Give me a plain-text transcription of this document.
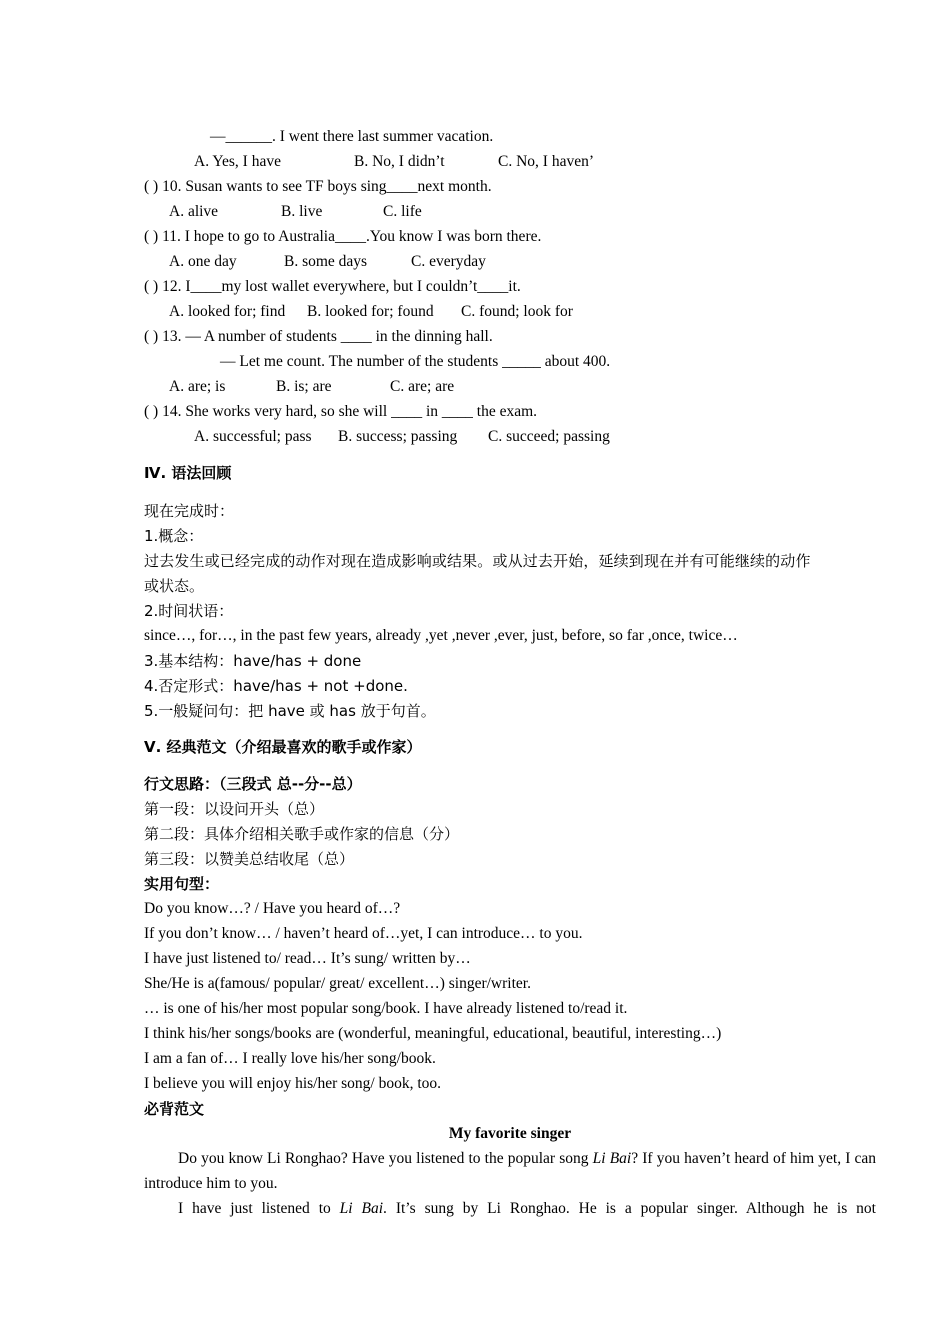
—______. I went there last summer vacation.
A. Yes, I have	B. No, I didn’t	C. No, I haven’
( ) 10. Susan wants to see TF boys sing____next month.
A. alive	B. live	C. life
( ) 11. I hope to go to Australia____.You know I was born there.
A. one day	B. some days	C. everyday
( ) 12. I____my lost wallet everywhere, but I couldn’t____it.
A. looked for; find B. looked for; found C. found; look for
( ) 13. — A number of students ____ in the dinning hall.
— Let me count. The number of the students _____ about 400.
A. are; is	B. is; are	C. are; are
( ) 14. She works very hard, so she will ____ in ____ the exam.
A. successful; pass B. success; passing C. succeed; passing
Ⅳ. 语法回顾
现在完成时：
1.概念：
过去发生或已经完成的动作对现在造成影响或结果。或从过去开始，延续到现在并有可能继续的动作
或状态。
2.时间状语：
since…, for…, in the past few years, already ,yet ,never ,ever, just, before, so far ,once, twice…
3.基本结构：have/has + done
4.否定形式：have/has + not +done.
5.一般疑问句：把 have 或 has 放于句首。
Ⅴ. 经典范文（介绍最喜欢的歌手或作家）
行文思路：（三段式 总--分--总）
第一段：以设问开头（总）
第二段：具体介绍相关歌手或作家的信息（分）
第三段：以赞美总结收尾（总）
实用句型：
Do you know…? / Have you heard of…?
If you don’t know… / haven’t heard of…yet, I can introduce… to you.
I have just listened to/ read… It’s sung/ written by…
She/He is a(famous/ popular/ great/ excellent…) singer/writer.
… is one of his/her most popular song/book. I have already listened to/read it.
I think his/her songs/books are (wonderful, meaningful, educational, beautiful, interesting…)
I am a fan of… I really love his/her song/book.
I believe you will enjoy his/her song/ book, too.
必背范文
My favorite singer
Do you know Li Ronghao? Have you listened to the popular song Li Bai? If you haven’t heard of him yet, I can introduce him to you.
I have just listened to Li Bai. It’s sung by Li Ronghao. He is a popular singer. Although he is not
